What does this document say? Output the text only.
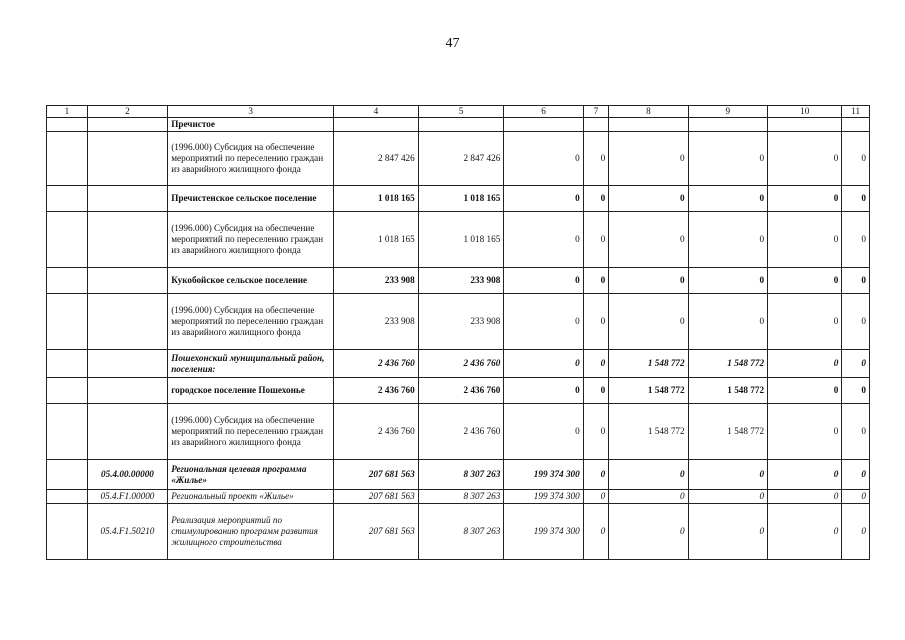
47
1	2	3	4	5	6	7	8	9	10	11
		Пречистое								
		(1996.000) Субсидия на обеспечение мероприятий по переселению граждан из аварийного жилищного фонда	2 847 426	2 847 426	0	0	0	0	0	0
		Пречистенское сельское поселение	1 018 165	1 018 165	0	0	0	0	0	0
		(1996.000) Субсидия на обеспечение мероприятий по переселению граждан из аварийного жилищного фонда	1 018 165	1 018 165	0	0	0	0	0	0
		Кукобойское сельское поселение	233 908	233 908	0	0	0	0	0	0
		(1996.000) Субсидия на обеспечение мероприятий по переселению граждан из аварийного жилищного фонда	233 908	233 908	0	0	0	0	0	0
		Пошехонский муниципальный район, поселения:	2 436 760	2 436 760	0	0	1 548 772	1 548 772	0	0
		городское поселение Пошехонье	2 436 760	2 436 760	0	0	1 548 772	1 548 772	0	0
		(1996.000) Субсидия на обеспечение мероприятий по переселению граждан из аварийного жилищного фонда	2 436 760	2 436 760	0	0	1 548 772	1 548 772	0	0
	05.4.00.00000	Региональная целевая программа «Жилье»	207 681 563	8 307 263	199 374 300	0	0	0	0	0
	05.4.F1.00000	Региональный проект «Жилье»	207 681 563	8 307 263	199 374 300	0	0	0	0	0
	05.4.F1.50210	Реализация мероприятий по стимулированию программ развития жилищного строительства	207 681 563	8 307 263	199 374 300	0	0	0	0	0
